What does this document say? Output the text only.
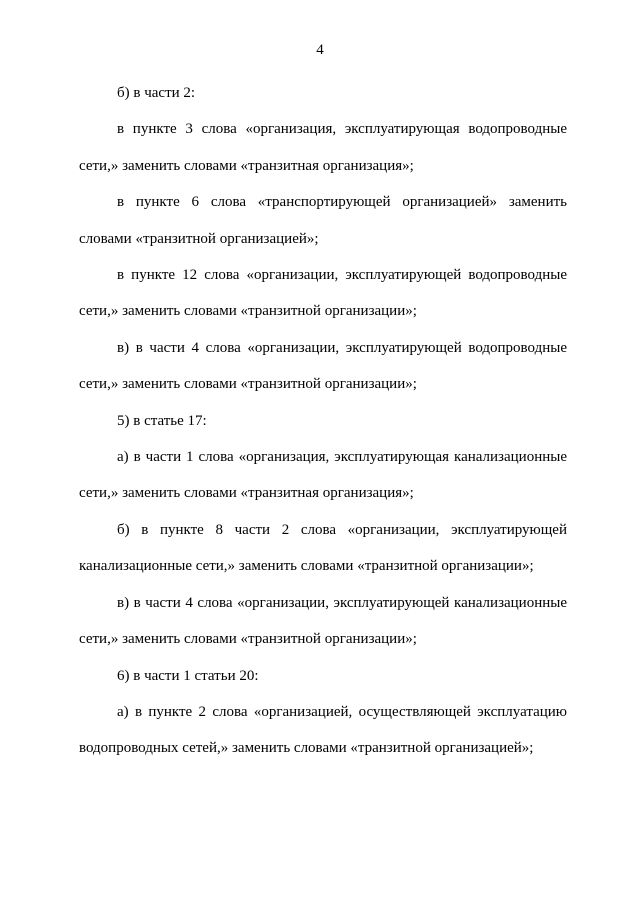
4

б) в части 2:

в пункте 3 слова «организация, эксплуатирующая водопроводные сети,» заменить словами «транзитная организация»;

в пункте 6 слова «транспортирующей организацией» заменить словами «транзитной организацией»;

в пункте 12 слова «организации, эксплуатирующей водопроводные сети,» заменить словами «транзитной организации»;

в) в части 4 слова «организации, эксплуатирующей водопроводные сети,» заменить словами «транзитной организации»;

5) в статье 17:

а) в части 1 слова «организация, эксплуатирующая канализационные сети,» заменить словами «транзитная организация»;

б) в пункте 8 части 2 слова «организации, эксплуатирующей канализационные сети,» заменить словами «транзитной организации»;

в) в части 4 слова «организации, эксплуатирующей канализационные сети,» заменить словами «транзитной организации»;

6) в части 1 статьи 20:

а) в пункте 2 слова «организацией, осуществляющей эксплуатацию водопроводных сетей,» заменить словами «транзитной организацией»;
